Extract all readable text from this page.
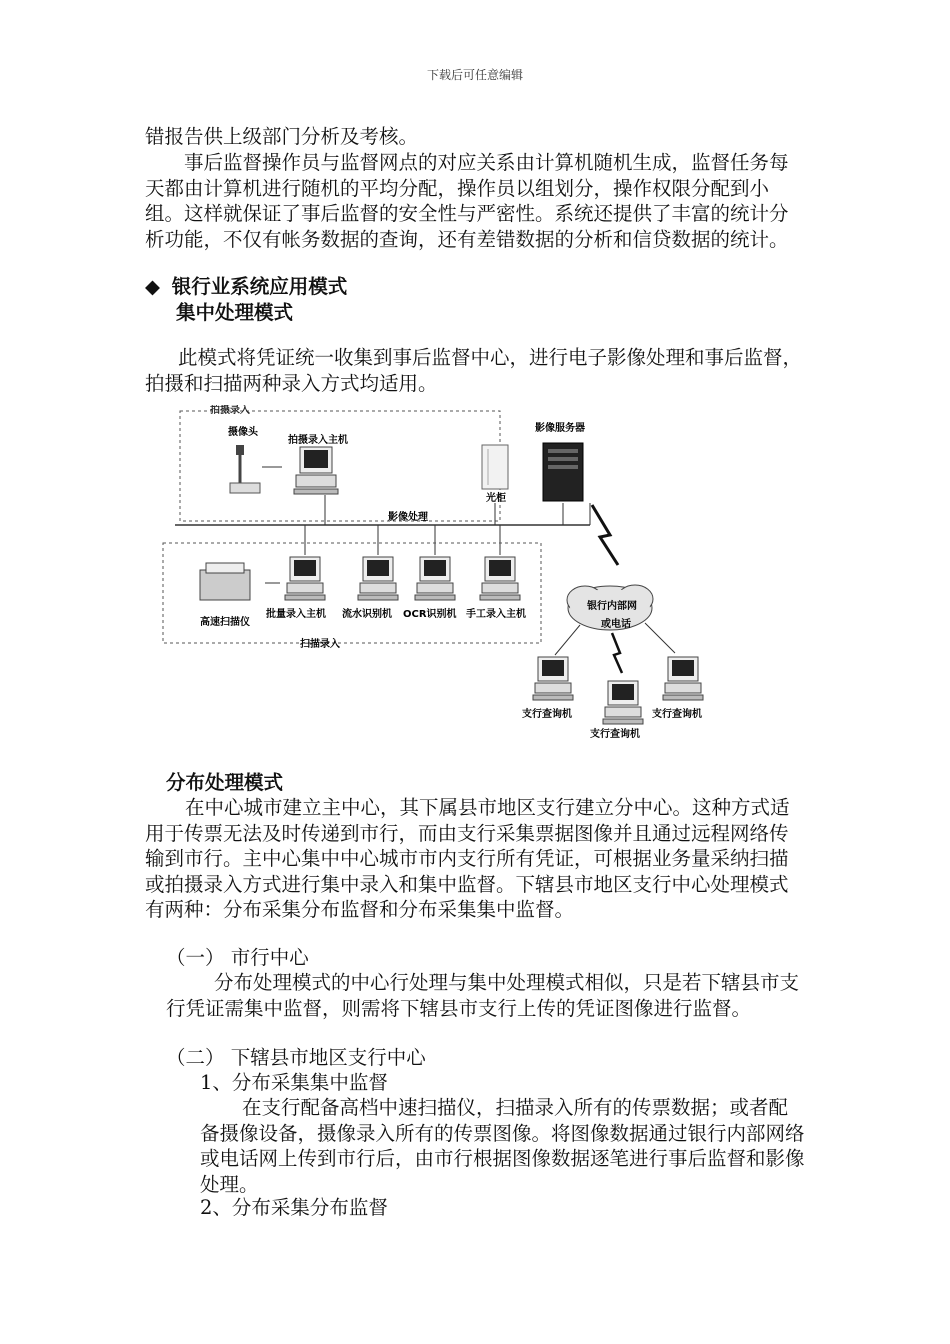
下载后可任意编辑

错报告供上级部门分析及考核。

事后监督操作员与监督网点的对应关系由计算机随机生成，监督任务每天都由计算机进行随机的平均分配，操作员以组划分，操作权限分配到小组。这样就保证了事后监督的安全性与严密性。系统还提供了丰富的统计分析功能，不仅有帐务数据的查询，还有差错数据的分析和信贷数据的统计。

◆ 银行业系统应用模式
集中处理模式

此模式将凭证统一收集到事后监督中心，进行电子影像处理和事后监督，拍摄和扫描两种录入方式均适用。

拍摄录入
摄像头
拍摄录入主机
影像服务器
光柜
影像处理
扫描录入
高速扫描仪
批量录入主机 流水识别机 OCR识别机 手工录入主机
银行内部网
或电话
支行查询机
支行查询机
支行查询机
分布处理模式

在中心城市建立主中心，其下属县市地区支行建立分中心。这种方式适用于传票无法及时传递到市行，而由支行采集票据图像并且通过远程网络传输到市行。主中心集中中心城市市内支行所有凭证，可根据业务量采纳扫描或拍摄录入方式进行集中录入和集中监督。下辖县市地区支行中心处理模式有两种：分布采集分布监督和分布采集集中监督。

（一） 市行中心

分布处理模式的中心行处理与集中处理模式相似，只是若下辖县市支行凭证需集中监督，则需将下辖县市支行上传的凭证图像进行监督。

（二） 下辖县市地区支行中心
1、分布采集集中监督

在支行配备高档中速扫描仪，扫描录入所有的传票数据；或者配备摄像设备，摄像录入所有的传票图像。将图像数据通过银行内部网络或电话网上传到市行后，由市行根据图像数据逐笔进行事后监督和影像处理。

2、分布采集分布监督
